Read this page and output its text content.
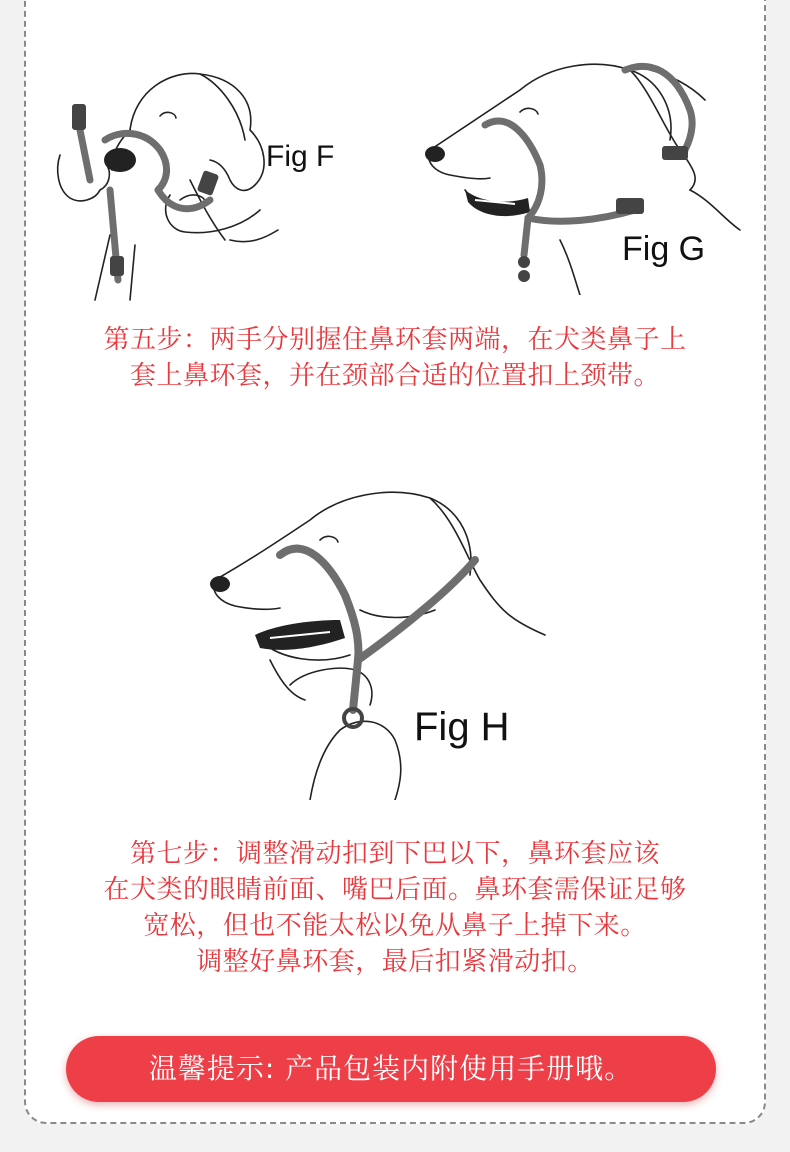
Fig F
Fig G
第五步：两手分别握住鼻环套两端，在犬类鼻子上
套上鼻环套，并在颈部合适的位置扣上颈带。
Fig H
第七步：调整滑动扣到下巴以下，鼻环套应该
在犬类的眼睛前面、嘴巴后面。鼻环套需保证足够
宽松，但也不能太松以免从鼻子上掉下来。
调整好鼻环套，最后扣紧滑动扣。
温馨提示: 产品包装内附使用手册哦。
